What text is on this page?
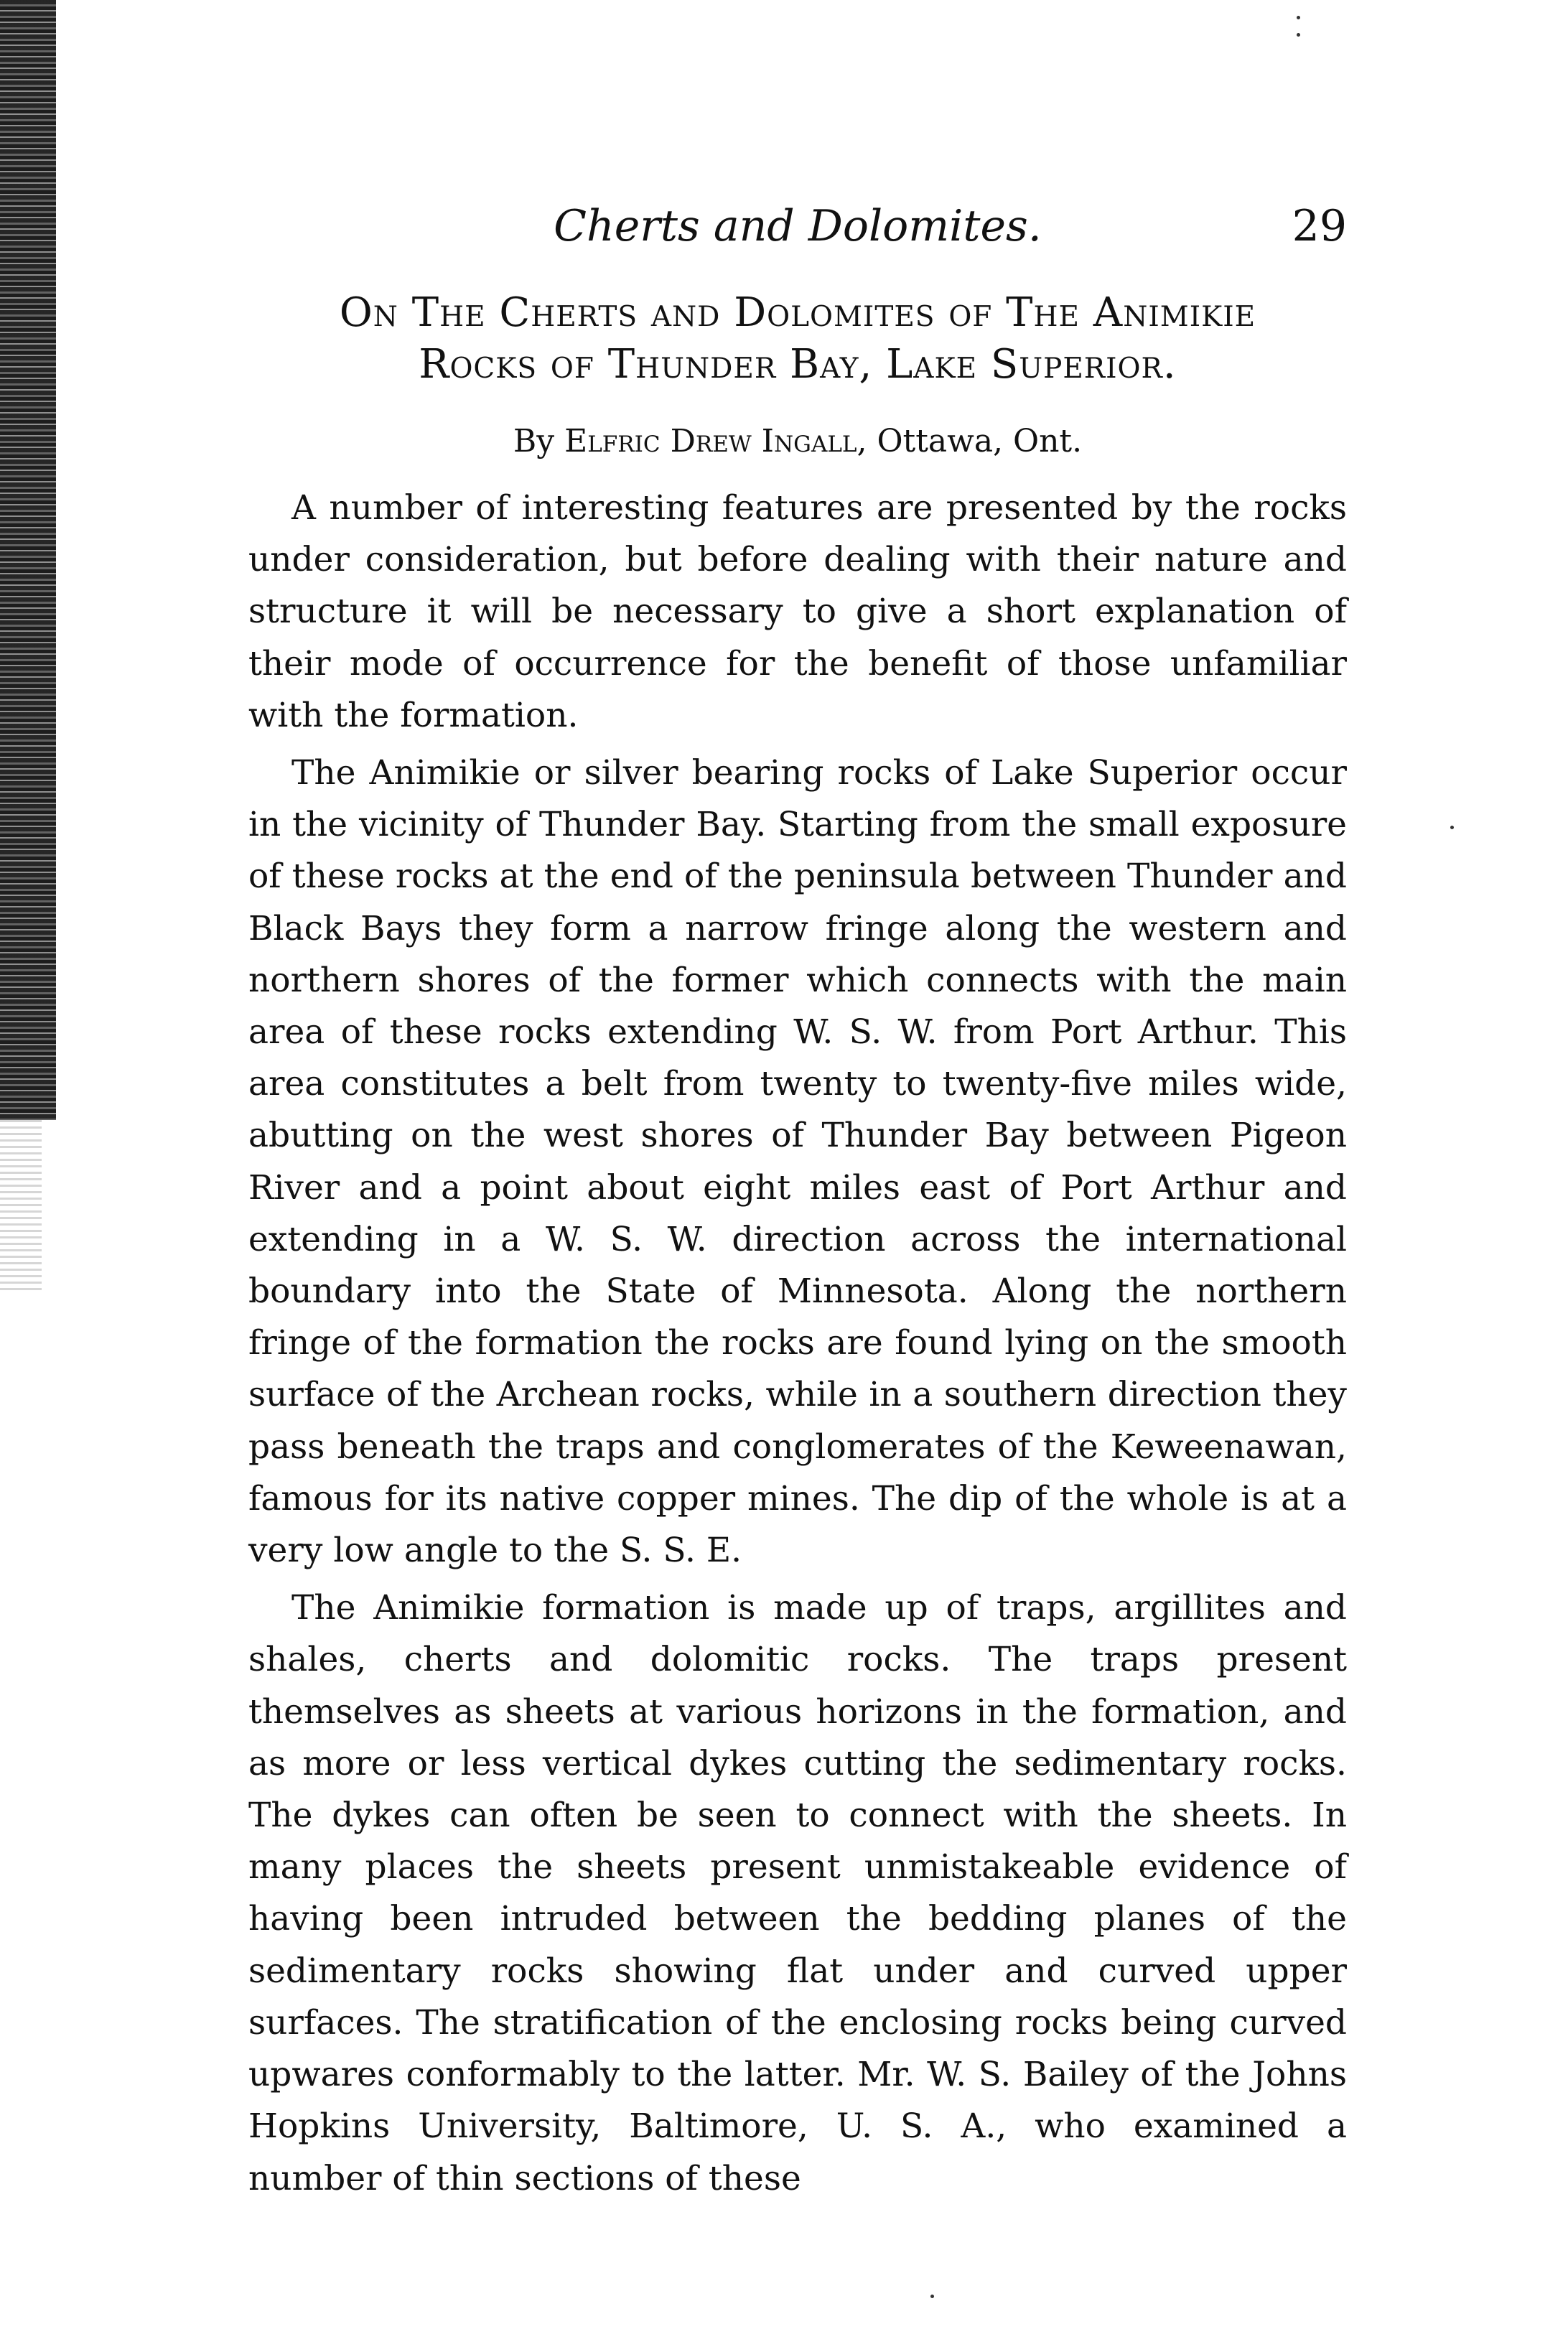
Cherts and Dolomites.	29
On The Cherts and Dolomites of The Animikie
Rocks of Thunder Bay, Lake Superior.
By Elfric Drew Ingall, Ottawa, Ont.

A number of interesting features are presented by the rocks under consideration, but before dealing with their nature and structure it will be necessary to give a short explanation of their mode of occurrence for the benefit of those unfamiliar with the formation.

The Animikie or silver bearing rocks of Lake Superior occur in the vicinity of Thunder Bay. Starting from the small exposure of these rocks at the end of the peninsula between Thunder and Black Bays they form a narrow fringe along the western and northern shores of the former which connects with the main area of these rocks extending W. S. W. from Port Arthur. This area constitutes a belt from twenty to twenty-five miles wide, abutting on the west shores of Thunder Bay between Pigeon River and a point about eight miles east of Port Arthur and extending in a W. S. W. direction across the international boundary into the State of Minnesota. Along the northern fringe of the formation the rocks are found lying on the smooth surface of the Archean rocks, while in a southern direction they pass beneath the traps and conglomerates of the Keweenawan, famous for its native copper mines. The dip of the whole is at a very low angle to the S. S. E.

The Animikie formation is made up of traps, argillites and shales, cherts and dolomitic rocks. The traps present themselves as sheets at various horizons in the formation, and as more or less vertical dykes cutting the sedimentary rocks. The dykes can often be seen to connect with the sheets. In many places the sheets present unmistakeable evidence of having been intruded between the bedding planes of the sedimentary rocks showing flat under and curved upper surfaces. The stratification of the enclosing rocks being curved upwares conformably to the latter. Mr. W. S. Bailey of the Johns Hopkins University, Baltimore, U. S. A., who examined a number of thin sections of these
